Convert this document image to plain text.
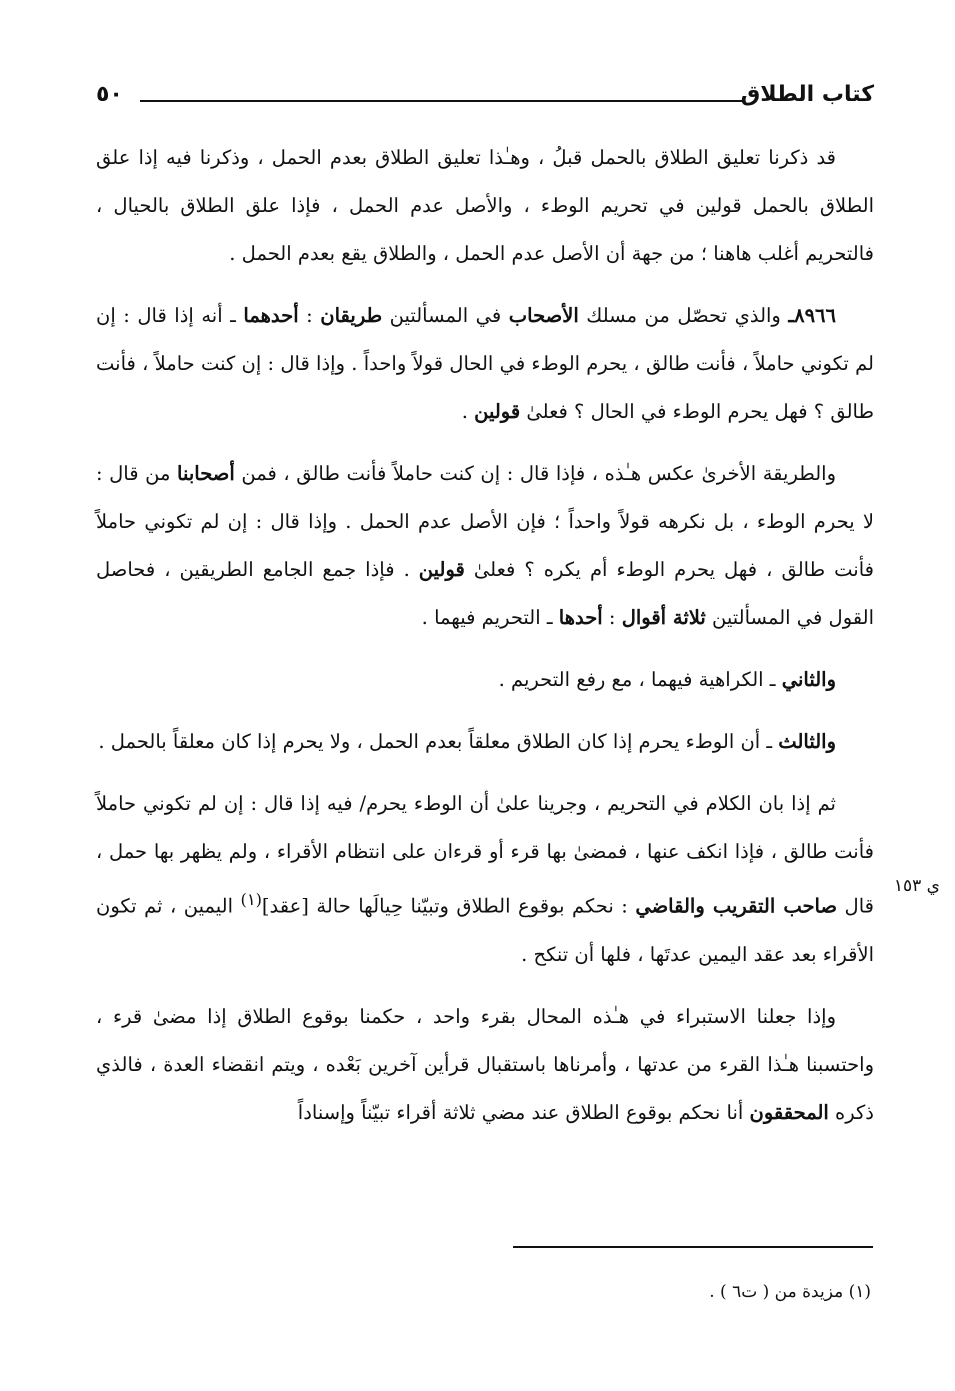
كتاب الطلاق
٥٠
ي ١٥٣

قد ذكرنا تعليق الطلاق بالحمل قبلُ ، وهـٰذا تعليق الطلاق بعدم الحمل ، وذكرنا فيه إذا علق الطلاق بالحمل قولين في تحريم الوطء ، والأصل عدم الحمل ، فإذا علق الطلاق بالحيال ، فالتحريم أغلب هاهنا ؛ من جهة أن الأصل عدم الحمل ، والطلاق يقع بعدم الحمل .

٨٩٦٦ـ والذي تحصّل من مسلك الأصحاب في المسألتين طريقان : أحدهما ـ أنه إذا قال : إن لم تكوني حاملاً ، فأنت طالق ، يحرم الوطء في الحال قولاً واحداً . وإذا قال : إن كنت حاملاً ، فأنت طالق ؟ فهل يحرم الوطء في الحال ؟ فعلىٰ قولين .

والطريقة الأخرىٰ عكس هـٰذه ، فإذا قال : إن كنت حاملاً فأنت طالق ، فمن أصحابنا من قال : لا يحرم الوطء ، بل نكرهه قولاً واحداً ؛ فإن الأصل عدم الحمل . وإذا قال : إن لم تكوني حاملاً فأنت طالق ، فهل يحرم الوطء أم يكره ؟ فعلىٰ قولين . فإذا جمع الجامع الطريقين ، فحاصل القول في المسألتين ثلاثة أقوال : أحدها ـ التحريم فيهما .

والثاني ـ الكراهية فيهما ، مع رفع التحريم .

والثالث ـ أن الوطء يحرم إذا كان الطلاق معلقاً بعدم الحمل ، ولا يحرم إذا كان معلقاً بالحمل .

ثم إذا بان الكلام في التحريم ، وجرينا علىٰ أن الوطء يحرم/ فيه إذا قال : إن لم تكوني حاملاً فأنت طالق ، فإذا انكف عنها ، فمضىٰ بها قرء أو قرءان على انتظام الأقراء ، ولم يظهر بها حمل ، قال صاحب التقريب والقاضي : نحكم بوقوع الطلاق وتبيّنا حِيالَها حالة [عقد]$^{(١)}$ اليمين ، ثم تكون الأقراء بعد عقد اليمين عدتَها ، فلها أن تنكح .

وإذا جعلنا الاستبراء في هـٰذه المحال بقرء واحد ، حكمنا بوقوع الطلاق إذا مضىٰ قرء ، واحتسبنا هـٰذا القرء من عدتها ، وأمرناها باستقبال قرأين آخرين بَعْده ، ويتم انقضاء العدة ، فالذي ذكره المحققون أنا نحكم بوقوع الطلاق عند مضي ثلاثة أقراء تبيّناً وإسناداً

(١) مزيدة من ( ت٦ ) .
